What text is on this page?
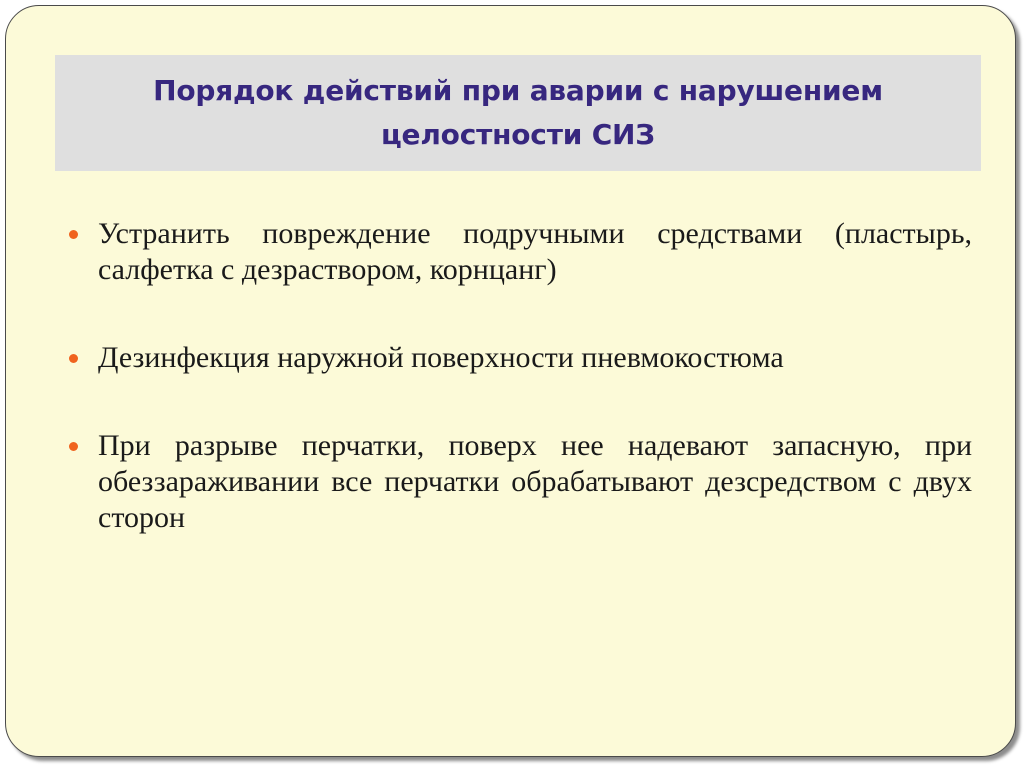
Порядок действий при аварии с нарушением
целостности СИЗ
Устранить повреждение подручными средствами (пластырь, салфетка с дезраствором, корнцанг)
Дезинфекция наружной поверхности пневмокостюма
При разрыве перчатки, поверх нее надевают запасную, при обеззараживании все перчатки обрабатывают дезсредством с двух сторон
